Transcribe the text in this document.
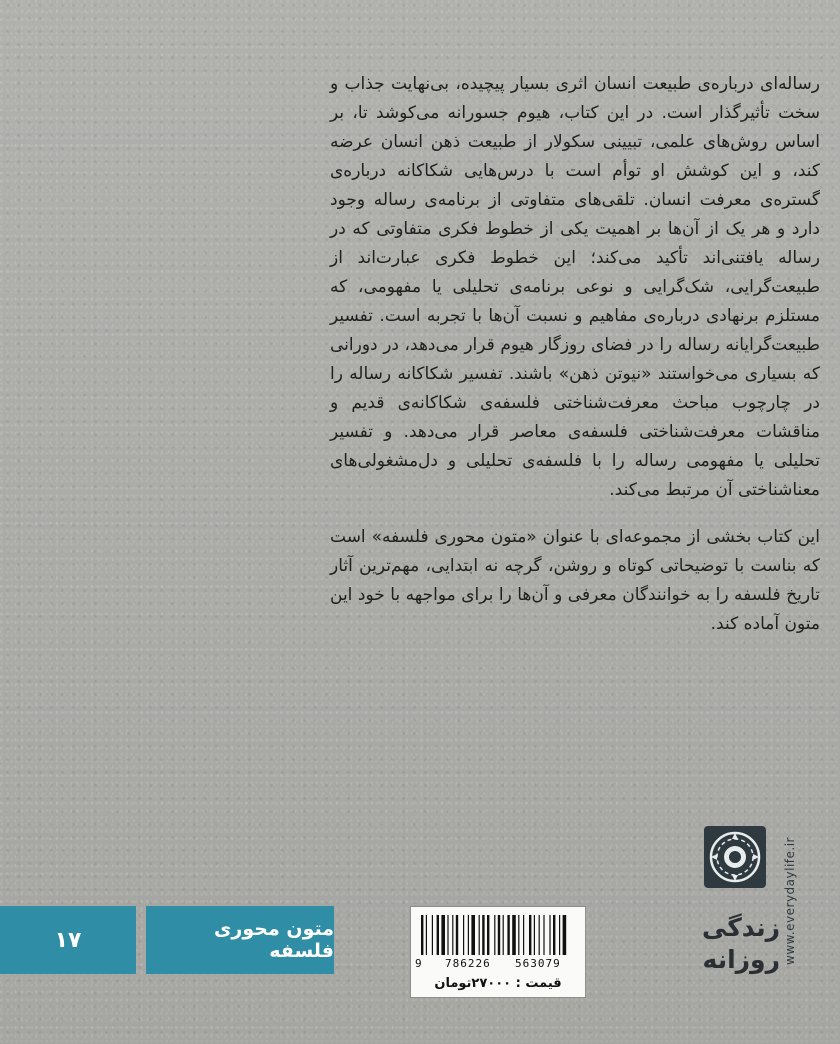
رساله‌ای درباره‌ی طبیعت انسان اثری بسیار پیچیده، بی‌نهایت جذاب و سخت تأثیرگذار است. در این کتاب، هیوم جسورانه می‌کوشد تا، بر اساس روش‌های علمی، تبیینی سکولار از طبیعت ذهن انسان عرضه کند، و این کوشش او توأم است با درس‌هایی شکاکانه درباره‌ی گستره‌ی معرفت انسان. تلقی‌های متفاوتی از برنامه‌ی رساله وجود دارد و هر یک از آن‌ها بر اهمیت یکی از خطوط فکری متفاوتی که در رساله یافتنی‌اند تأکید می‌کند؛ این خطوط فکری عبارت‌اند از طبیعت‌گرایی، شک‌گرایی و نوعی برنامه‌ی تحلیلی یا مفهومی، که مستلزم برنهادی درباره‌ی مفاهیم و نسبت آن‌ها با تجربه است. تفسیر طبیعت‌گرایانه رساله را در فضای روزگار هیوم قرار می‌دهد، در دورانی که بسیاری می‌خواستند «نیوتن ذهن» باشند. تفسیر شکاکانه رساله را در چارچوب مباحث معرفت‌شناختی فلسفه‌ی شکاکانه‌ی قدیم و مناقشات معرفت‌شناختی فلسفه‌ی معاصر قرار می‌دهد. و تفسیر تحلیلی یا مفهومی رساله را با فلسفه‌ی تحلیلی و دل‌مشغولی‌های معناشناختی آن مرتبط می‌کند.

این کتاب بخشی از مجموعه‌ای با عنوان «متون محوری فلسفه» است که بناست با توضیحاتی کوتاه و روشن، گرچه نه ابتدایی، مهم‌ترین آثار تاریخ فلسفه را به خوانندگان معرفی و آن‌ها را برای مواجهه با خود این متون آماده کند.

www.everydaylife.ir
زندگی
روزانه
۱۷	متون محوری فلسفه
9 786226 563079
قیمت : ۲۷۰۰۰تومان
